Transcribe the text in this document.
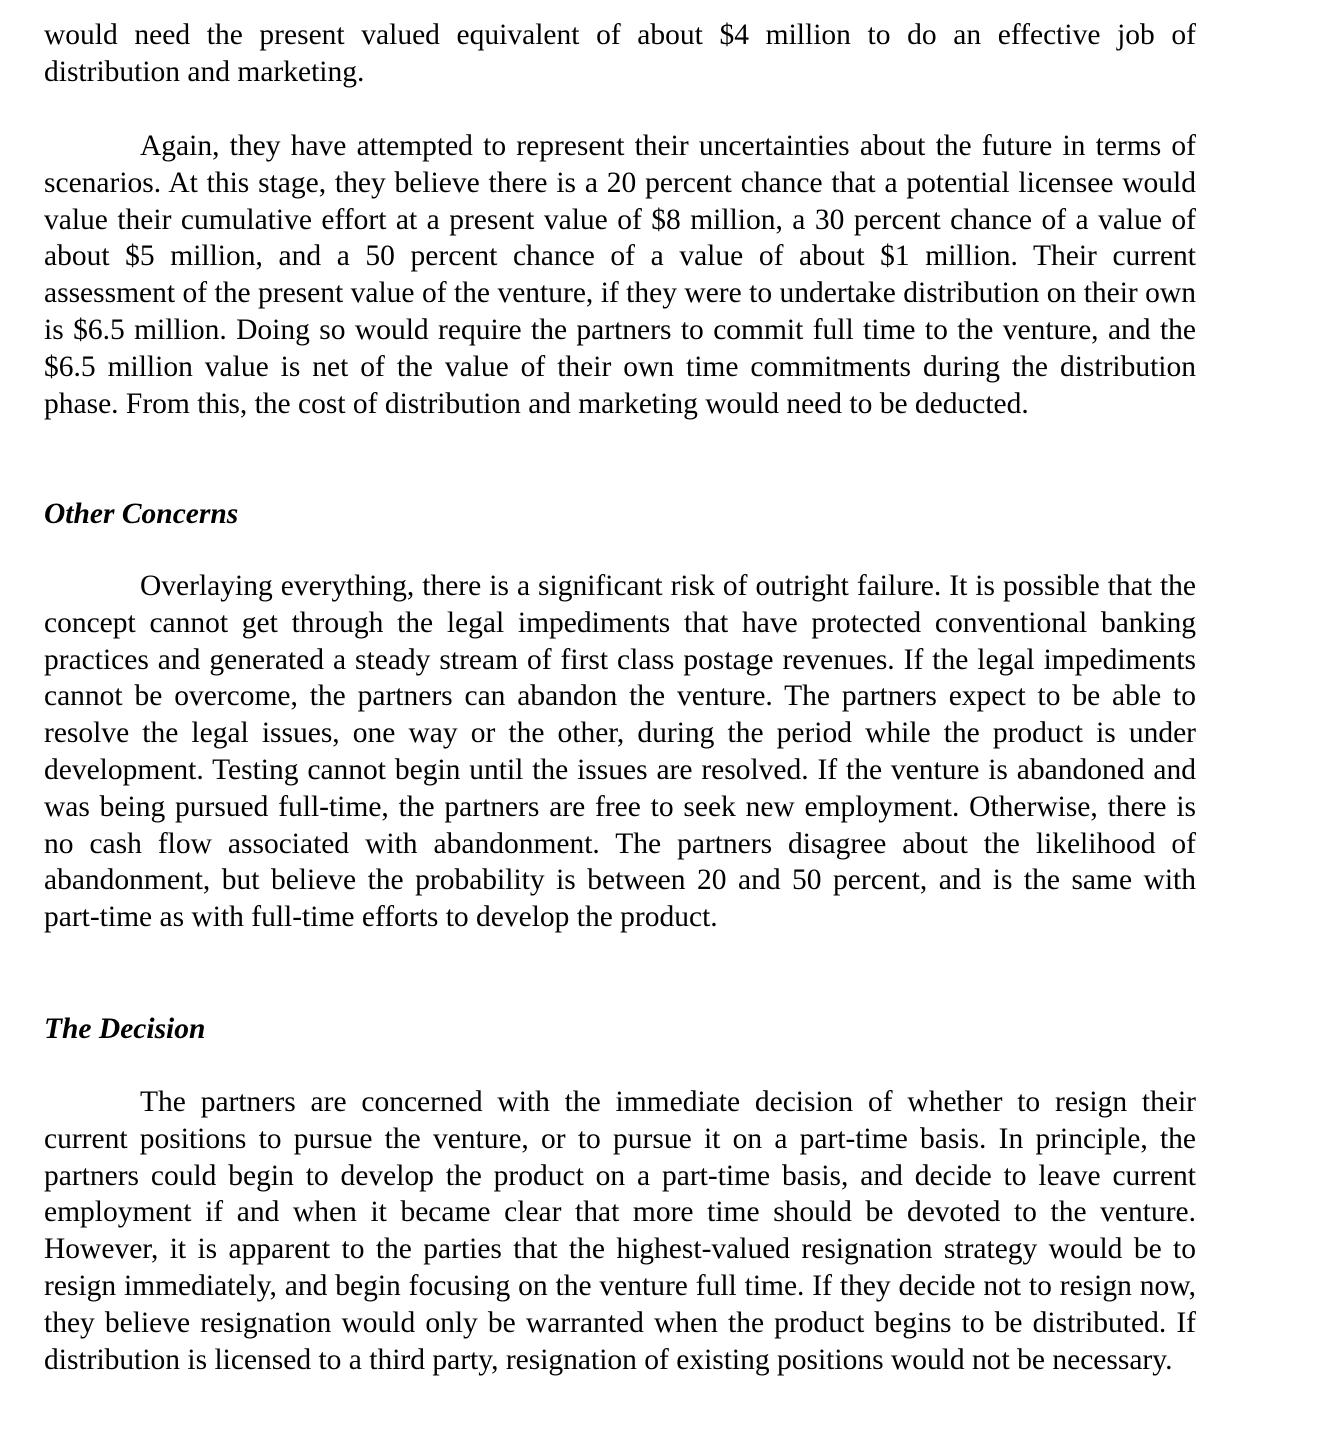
would need the present valued equivalent of about $4 million to do an effective job of distribution and marketing.

Again, they have attempted to represent their uncertainties about the future in terms of scenarios. At this stage, they believe there is a 20 percent chance that a potential licensee would value their cumulative effort at a present value of $8 million, a 30 percent chance of a value of about $5 million, and a 50 percent chance of a value of about $1 million. Their current assessment of the present value of the venture, if they were to undertake distribution on their own is $6.5 million. Doing so would require the partners to commit full time to the venture, and the $6.5 million value is net of the value of their own time commitments during the distribution phase. From this, the cost of distribution and marketing would need to be deducted.

Other Concerns

Overlaying everything, there is a significant risk of outright failure. It is possible that the concept cannot get through the legal impediments that have protected conventional banking practices and generated a steady stream of first class postage revenues. If the legal impediments cannot be overcome, the partners can abandon the venture. The partners expect to be able to resolve the legal issues, one way or the other, during the period while the product is under development. Testing cannot begin until the issues are resolved. If the venture is abandoned and was being pursued full-time, the partners are free to seek new employment. Otherwise, there is no cash flow associated with abandonment. The partners disagree about the likelihood of abandonment, but believe the probability is between 20 and 50 percent, and is the same with part-time as with full-time efforts to develop the product.

The Decision

The partners are concerned with the immediate decision of whether to resign their current positions to pursue the venture, or to pursue it on a part-time basis. In principle, the partners could begin to develop the product on a part-time basis, and decide to leave current employment if and when it became clear that more time should be devoted to the venture. However, it is apparent to the parties that the highest-valued resignation strategy would be to resign immediately, and begin focusing on the venture full time. If they decide not to resign now, they believe resignation would only be warranted when the product begins to be distributed. If distribution is licensed to a third party, resignation of existing positions would not be necessary.
